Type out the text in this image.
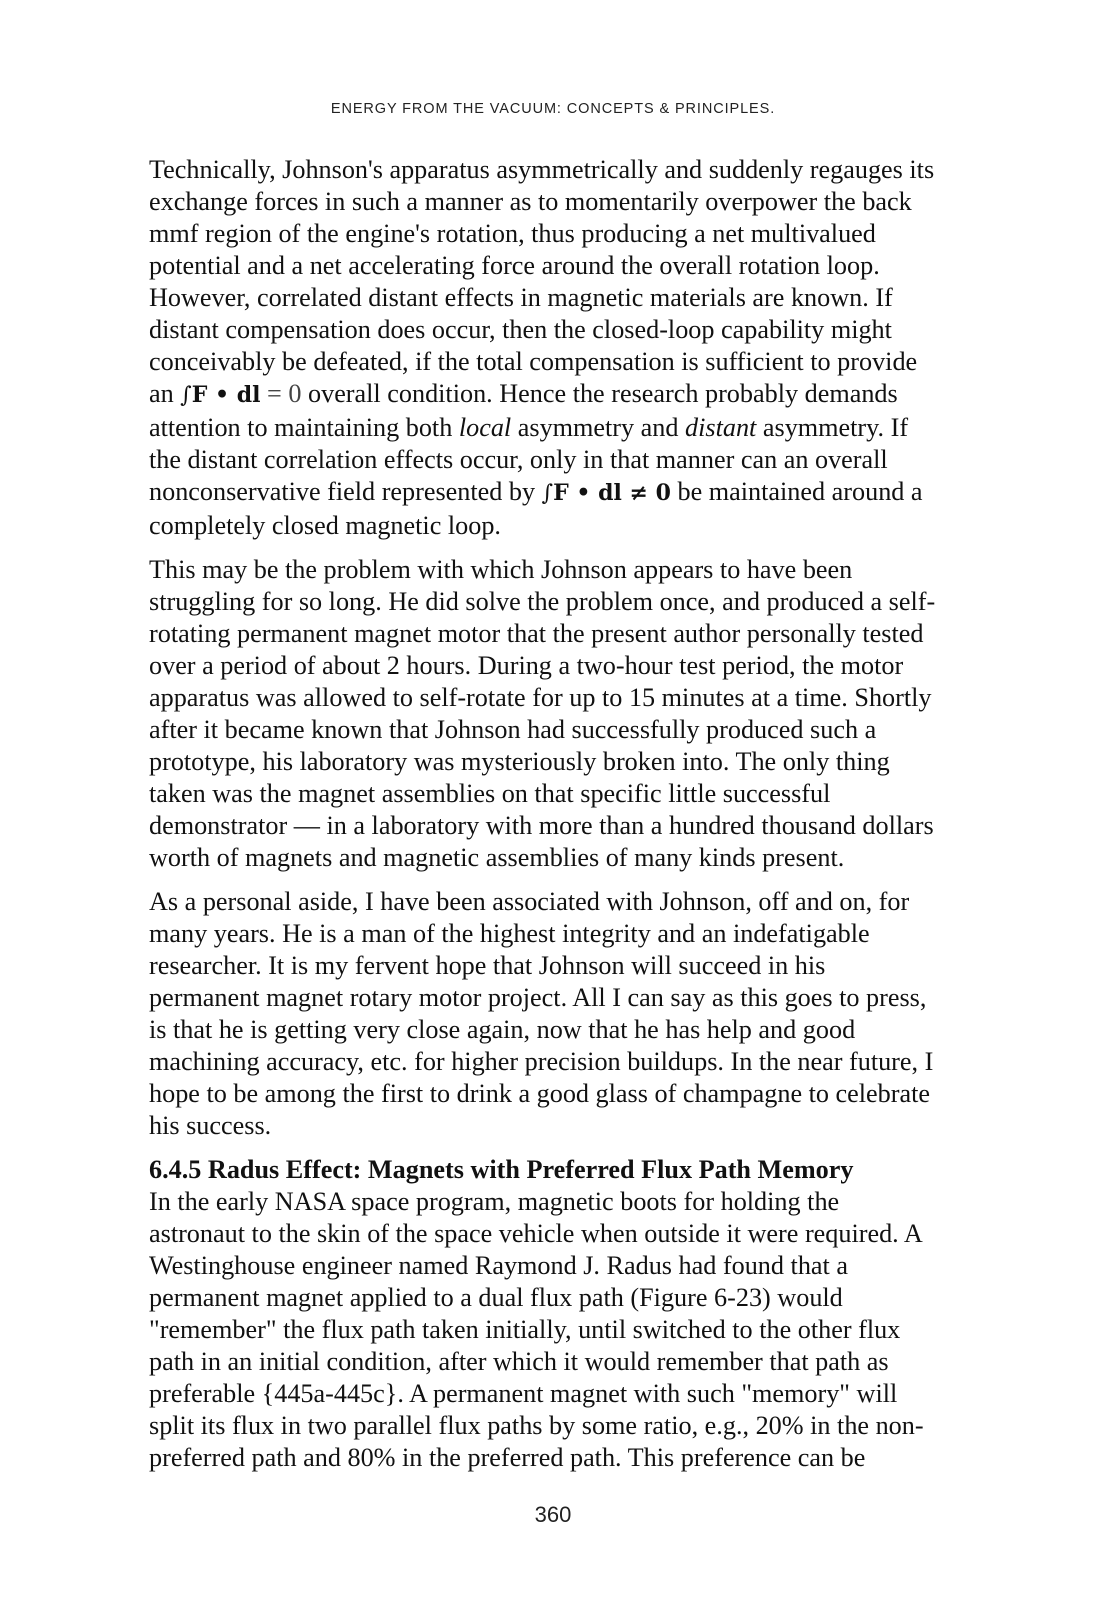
ENERGY FROM THE VACUUM: CONCEPTS & PRINCIPLES.
Technically, Johnson's apparatus asymmetrically and suddenly regauges its
exchange forces in such a manner as to momentarily overpower the back
mmf region of the engine's rotation, thus producing a net multivalued
potential and a net accelerating force around the overall rotation loop.
However, correlated distant effects in magnetic materials are known. If
distant compensation does occur, then the closed-loop capability might
conceivably be defeated, if the total compensation is sufficient to provide
an ∫F • dl = 0 overall condition. Hence the research probably demands
attention to maintaining both local asymmetry and distant asymmetry. If
the distant correlation effects occur, only in that manner can an overall
nonconservative field represented by ∫F • dl ≠ 0 be maintained around a
completely closed magnetic loop.
This may be the problem with which Johnson appears to have been
struggling for so long. He did solve the problem once, and produced a self-
rotating permanent magnet motor that the present author personally tested
over a period of about 2 hours. During a two-hour test period, the motor
apparatus was allowed to self-rotate for up to 15 minutes at a time. Shortly
after it became known that Johnson had successfully produced such a
prototype, his laboratory was mysteriously broken into. The only thing
taken was the magnet assemblies on that specific little successful
demonstrator — in a laboratory with more than a hundred thousand dollars
worth of magnets and magnetic assemblies of many kinds present.
As a personal aside, I have been associated with Johnson, off and on, for
many years. He is a man of the highest integrity and an indefatigable
researcher. It is my fervent hope that Johnson will succeed in his
permanent magnet rotary motor project. All I can say as this goes to press,
is that he is getting very close again, now that he has help and good
machining accuracy, etc. for higher precision buildups. In the near future, I
hope to be among the first to drink a good glass of champagne to celebrate
his success.
6.4.5 Radus Effect: Magnets with Preferred Flux Path Memory
In the early NASA space program, magnetic boots for holding the
astronaut to the skin of the space vehicle when outside it were required. A
Westinghouse engineer named Raymond J. Radus had found that a
permanent magnet applied to a dual flux path (Figure 6-23) would
"remember" the flux path taken initially, until switched to the other flux
path in an initial condition, after which it would remember that path as
preferable {445a-445c}. A permanent magnet with such "memory" will
split its flux in two parallel flux paths by some ratio, e.g., 20% in the non-
preferred path and 80% in the preferred path. This preference can be
360
